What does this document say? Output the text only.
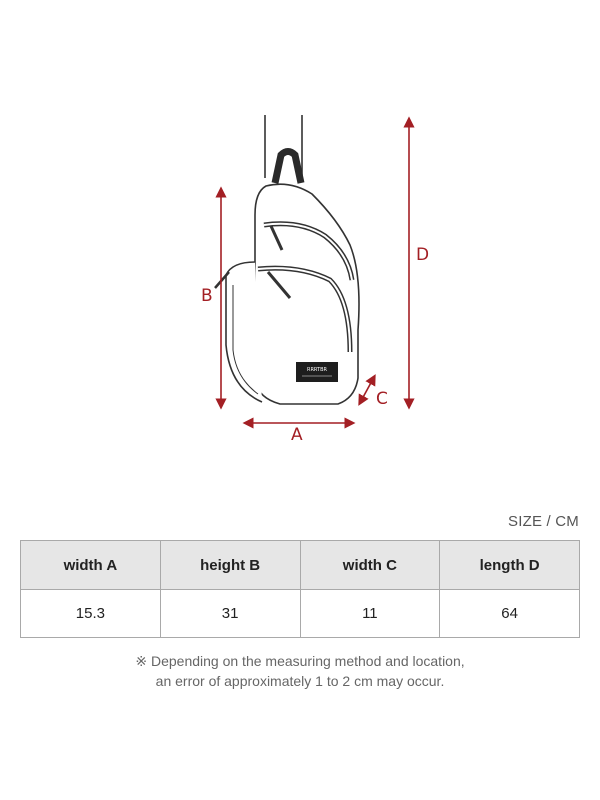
RRRTBR
A
B
C
D
SIZE / CM
width A	height B	width C	length D
15.3	31	11	64
※ Depending on the measuring method and location,
an error of approximately 1 to 2 cm may occur.
